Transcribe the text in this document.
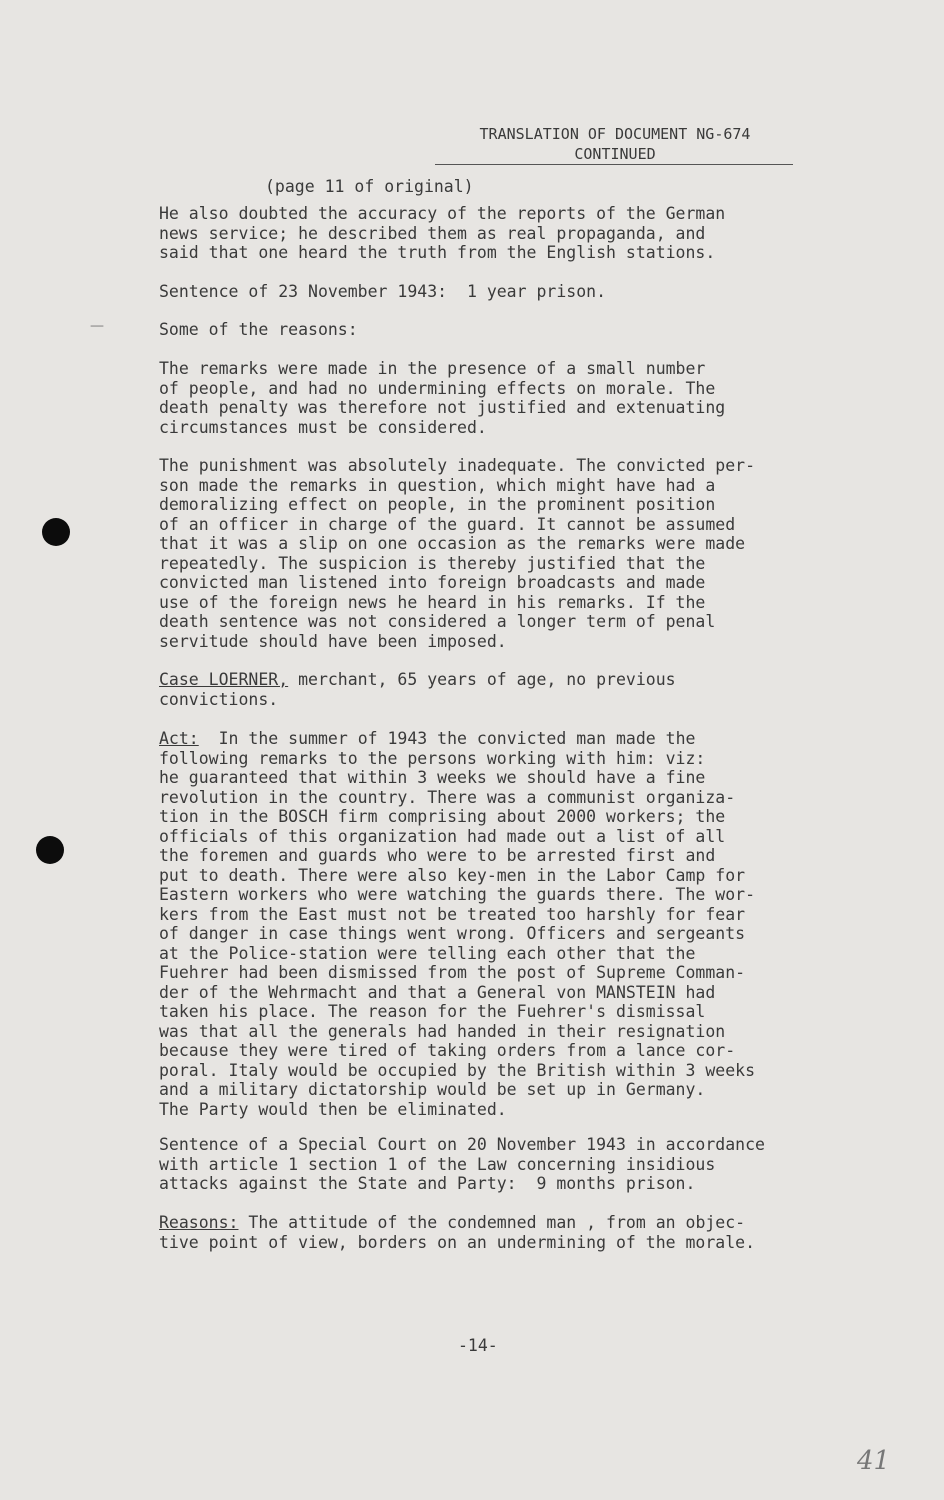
—
TRANSLATION OF DOCUMENT NG-674
CONTINUED
(page 11 of original)
He also doubted the accuracy of the reports of the German
news service; he described them as real propaganda, and
said that one heard the truth from the English stations.
Sentence of 23 November 1943:  1 year prison.
Some of the reasons:
The remarks were made in the presence of a small number
of people, and had no undermining effects on morale. The
death penalty was therefore not justified and extenuating
circumstances must be considered.
The punishment was absolutely inadequate. The convicted per-
son made the remarks in question, which might have had a
demoralizing effect on people, in the prominent position
of an officer in charge of the guard. It cannot be assumed
that it was a slip on one occasion as the remarks were made
repeatedly. The suspicion is thereby justified that the
convicted man listened into foreign broadcasts and made
use of the foreign news he heard in his remarks. If the
death sentence was not considered a longer term of penal
servitude should have been imposed.
Case LOERNER, merchant, 65 years of age, no previous
convictions.
Act:  In the summer of 1943 the convicted man made the
following remarks to the persons working with him: viz:
he guaranteed that within 3 weeks we should have a fine
revolution in the country. There was a communist organiza-
tion in the BOSCH firm comprising about 2000 workers; the
officials of this organization had made out a list of all
the foremen and guards who were to be arrested first and
put to death. There were also key-men in the Labor Camp for
Eastern workers who were watching the guards there. The wor-
kers from the East must not be treated too harshly for fear
of danger in case things went wrong. Officers and sergeants
at the Police-station were telling each other that the
Fuehrer had been dismissed from the post of Supreme Comman-
der of the Wehrmacht and that a General von MANSTEIN had
taken his place. The reason for the Fuehrer's dismissal
was that all the generals had handed in their resignation
because they were tired of taking orders from a lance cor-
poral. Italy would be occupied by the British within 3 weeks
and a military dictatorship would be set up in Germany.
The Party would then be eliminated.
Sentence of a Special Court on 20 November 1943 in accordance
with article 1 section 1 of the Law concerning insidious
attacks against the State and Party:  9 months prison.
Reasons: The attitude of the condemned man , from an objec-
tive point of view, borders on an undermining of the morale.
-14-
41
